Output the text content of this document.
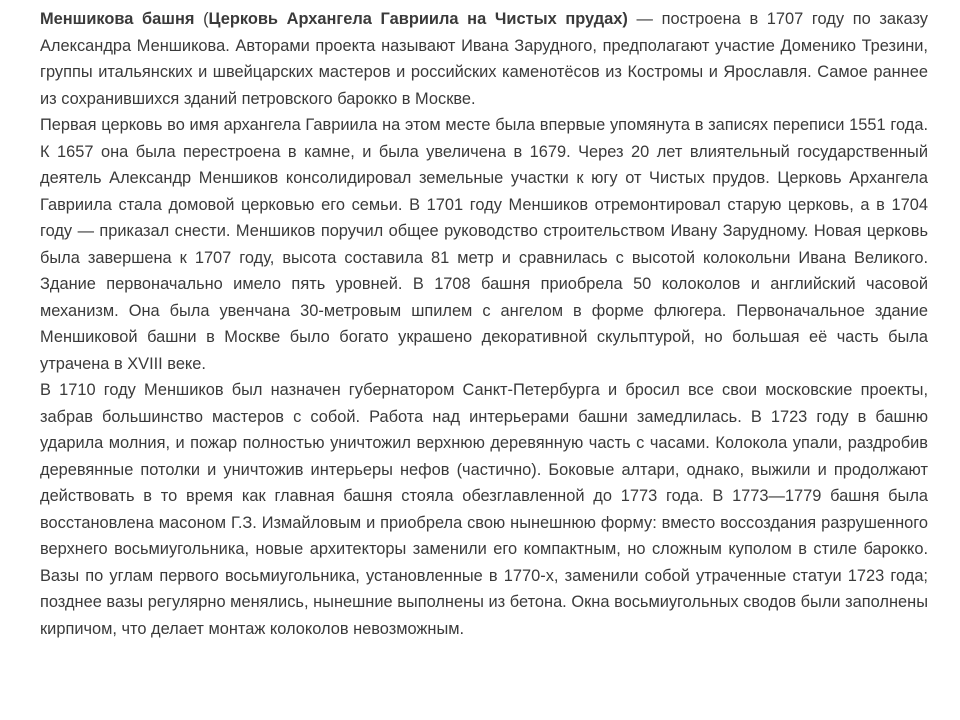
Меншикова башня (Церковь Архангела Гавриила на Чистых прудах) — построена в 1707 году по заказу Александра Меншикова. Авторами проекта называют Ивана Зарудного, предполагают участие Доменико Трезини, группы итальянских и швейцарских мастеров и российских каменотёсов из Костромы и Ярославля. Самое раннее из сохранившихся зданий петровского барокко в Москве.

Первая церковь во имя архангела Гавриила на этом месте была впервые упомянута в записях переписи 1551 года. К 1657 она была перестроена в камне, и была увеличена в 1679. Через 20 лет влиятельный государственный деятель Александр Меншиков консолидировал земельные участки к югу от Чистых прудов. Церковь Архангела Гавриила стала домовой церковью его семьи. В 1701 году Меншиков отремонтировал старую церковь, а в 1704 году — приказал снести. Меншиков поручил общее руководство строительством Ивану Зарудному. Новая церковь была завершена к 1707 году, высота составила 81 метр и сравнилась с высотой колокольни Ивана Великого. Здание первоначально имело пять уровней. В 1708 башня приобрела 50 колоколов и английский часовой механизм. Она была увенчана 30-метровым шпилем с ангелом в форме флюгера. Первоначальное здание Меншиковой башни в Москве было богато украшено декоративной скульптурой, но большая её часть была утрачена в XVIII веке.

В 1710 году Меншиков был назначен губернатором Санкт-Петербурга и бросил все свои московские проекты, забрав большинство мастеров с собой. Работа над интерьерами башни замедлилась. В 1723 году в башню ударила молния, и пожар полностью уничтожил верхнюю деревянную часть с часами. Колокола упали, раздробив деревянные потолки и уничтожив интерьеры нефов (частично). Боковые алтари, однако, выжили и продолжают действовать в то время как главная башня стояла обезглавленной до 1773 года. В 1773—1779 башня была восстановлена масоном Г.З. Измайловым и приобрела свою нынешнюю форму: вместо воссоздания разрушенного верхнего восьмиугольника, новые архитекторы заменили его компактным, но сложным куполом в стиле барокко. Вазы по углам первого восьмиугольника, установленные в 1770-х, заменили собой утраченные статуи 1723 года; позднее вазы регулярно менялись, нынешние выполнены из бетона. Окна восьмиугольных сводов были заполнены кирпичом, что делает монтаж колоколов невозможным.
